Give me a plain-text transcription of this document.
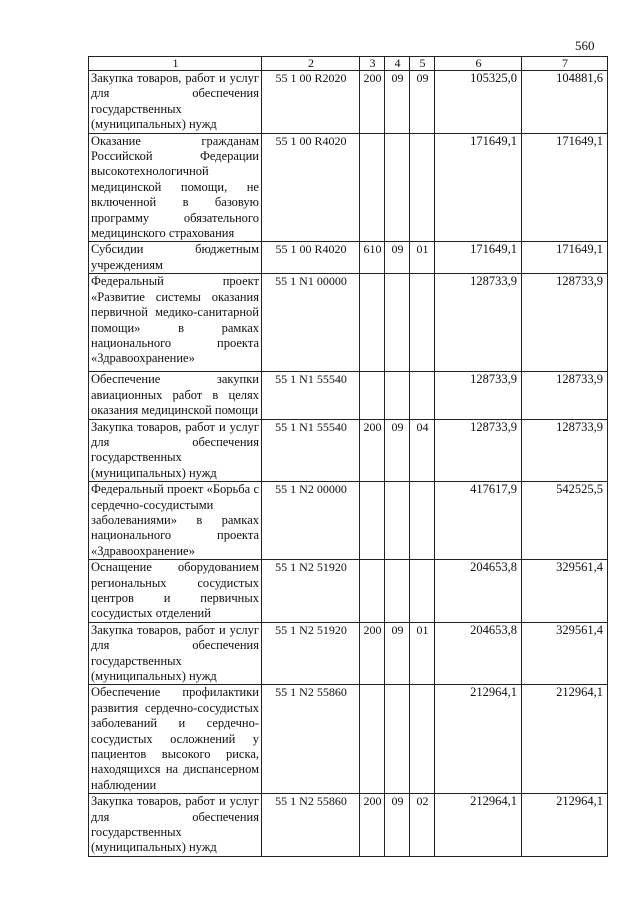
560
1	2	3	4	5	6	7
Закупка товаров, работ и услуг для обеспечения государственных (муниципальных) нужд	55 1 00 R2020	200	09	09	105325,0	104881,6
Оказание гражданам Российской Федерации высокотехнологичной медицинской помощи, не включенной в базовую программу обязательного медицинского страхования	55 1 00 R4020				171649,1	171649,1
Субсидии бюджетным учреждениям	55 1 00 R4020	610	09	01	171649,1	171649,1
Федеральный проект «Развитие системы оказания первичной медико-санитарной помощи» в рамках национального проекта «Здравоохранение»	55 1 N1 00000				128733,9	128733,9
Обеспечение закупки авиационных работ в целях оказания медицинской помощи	55 1 N1 55540				128733,9	128733,9
Закупка товаров, работ и услуг для обеспечения государственных (муниципальных) нужд	55 1 N1 55540	200	09	04	128733,9	128733,9
Федеральный проект «Борьба с сердечно-сосудистыми заболеваниями» в рамках национального проекта «Здравоохранение»	55 1 N2 00000				417617,9	542525,5
Оснащение оборудованием региональных сосудистых центров и первичных сосудистых отделений	55 1 N2 51920				204653,8	329561,4
Закупка товаров, работ и услуг для обеспечения государственных (муниципальных) нужд	55 1 N2 51920	200	09	01	204653,8	329561,4
Обеспечение профилактики развития сердечно-сосудистых заболеваний и сердечно-сосудистых осложнений у пациентов высокого риска, находящихся на диспансерном наблюдении	55 1 N2 55860				212964,1	212964,1
Закупка товаров, работ и услуг для обеспечения государственных (муниципальных) нужд	55 1 N2 55860	200	09	02	212964,1	212964,1
